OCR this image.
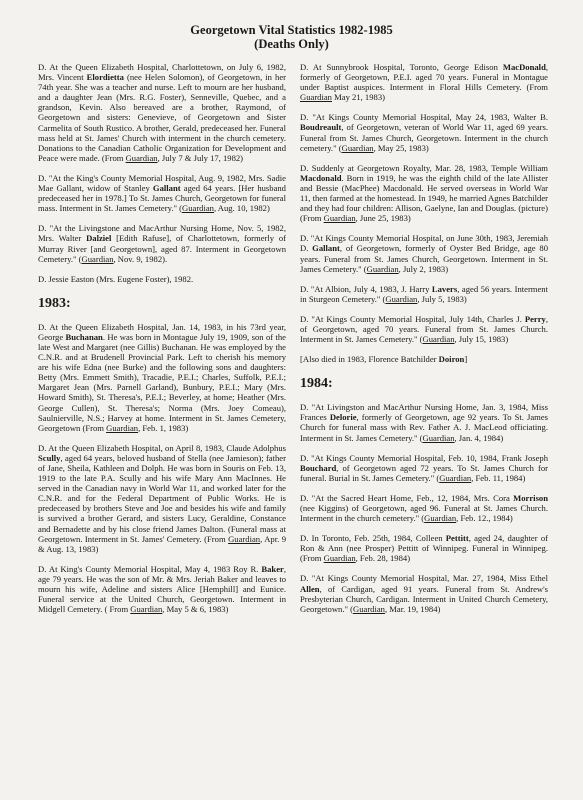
Georgetown Vital Statistics 1982-1985
(Deaths Only)

D. At the Queen Elizabeth Hospital, Charlottetown, on July 6, 1982, Mrs. Vincent Elordietta (nee Helen Solomon), of Georgetown, in her 74th year. She was a teacher and nurse. Left to mourn are her husband, and a daughter Jean (Mrs. R.G. Foster), Senneville, Quebec, and a grandson, Kevin. Also bereaved are a brother, Raymond, of Georgetown and sisters: Genevieve, of Georgetown and Sister Carmelita of South Rustico. A brother, Gerald, predeceased her. Funeral mass held at St. James' Church with interment in the church cemetery. Donations to the Canadian Catholic Organization for Development and Peace were made. (From Guardian, July 7 & July 17, 1982)

D. "At the King's County Memorial Hospital, Aug. 9, 1982, Mrs. Sadie Mae Gallant, widow of Stanley Gallant aged 64 years. [Her husband predeceased her in 1978.] To St. James Church, Georgetown for funeral mass. Interment in St. James Cemetery." (Guardian, Aug. 10, 1982)

D. "At the Livingstone and MacArthur Nursing Home, Nov. 5, 1982, Mrs. Walter Dalziel [Edith Rafuse], of Charlottetown, formerly of Murray River [and Georgetown], aged 87. Interment in Georgetown Cemetery." (Guardian, Nov. 9, 1982).

D. Jessie Easton (Mrs. Eugene Foster), 1982.

1983:

D. At the Queen Elizabeth Hospital, Jan. 14, 1983, in his 73rd year, George Buchanan. He was born in Montague July 19, 1909, son of the late West and Margaret (nee Gillis) Buchanan. He was employed by the C.N.R. and at Brudenell Provincial Park. Left to cherish his memory are his wife Edna (nee Burke) and the following sons and daughters: Betty (Mrs. Emmett Smith), Tracadie, P.E.I.; Charles, Suffolk, P.E.I.; Margaret Jean (Mrs. Parnell Garland), Bunbury, P.E.I.; Mary (Mrs. Howard Smith), St. Theresa's, P.E.I.; Beverley, at home; Heather (Mrs. George Cullen), St. Theresa's; Norma (Mrs. Joey Comeau), Saulnierville, N.S.; Harvey at home. Interment in St. James Cemetery, Georgetown (From Guardian, Feb. 1, 1983)

D. At the Queen Elizabeth Hospital, on April 8, 1983, Claude Adolphus Scully, aged 64 years, beloved husband of Stella (nee Jamieson); father of Jane, Sheila, Kathleen and Dolph. He was born in Souris on Feb. 13, 1919 to the late P.A. Scully and his wife Mary Ann MacInnes. He served in the Canadian navy in World War 11, and worked later for the C.N.R. and for the Federal Department of Public Works. He is predeceased by brothers Steve and Joe and besides his wife and family is survived a brother Gerard, and sisters Lucy, Geraldine, Constance and Bernadette and by his close friend James Dalton. (Funeral mass at Georgetown. Interment in St. James' Cemetery. (From Guardian, Apr. 9 & Aug. 13, 1983)

D. At King's County Memorial Hospital, May 4, 1983 Roy R. Baker, age 79 years. He was the son of Mr. & Mrs. Jeriah Baker and leaves to mourn his wife, Adeline and sisters Alice [Hemphill] and Eunice. Funeral service at the United Church, Georgetown. Interment in Midgell Cemetery. ( From Guardian, May 5 & 6, 1983)

D. At Sunnybrook Hospital, Toronto, George Edison MacDonald, formerly of Georgetown, P.E.I. aged 70 years. Funeral in Montague under Baptist auspices. Interment in Floral Hills Cemetery. (From Guardian May 21, 1983)

D. "At Kings County Memorial Hospital, May 24, 1983, Walter B. Boudreault, of Georgetown, veteran of World War 11, aged 69 years. Funeral from St. James Church, Georgetown. Interment in the church cemetery." (Guardian, May 25, 1983)

D. Suddenly at Georgetown Royalty, Mar. 28, 1983, Temple William Macdonald. Born in 1919, he was the eighth child of the late Allister and Bessie (MacPhee) Macdonald. He served overseas in World War 11, then farmed at the homestead. In 1949, he married Agnes Batchilder and they had four children: Allison, Gaelyne, Ian and Douglas. (picture) (From Guardian, June 25, 1983)

D. "At Kings County Memorial Hospital, on June 30th, 1983, Jeremiah D. Gallant, of Georgetown, formerly of Oyster Bed Bridge, age 80 years. Funeral from St. James Church, Georgetown. Interment in St. James Cemetery." (Guardian, July 2, 1983)

D. "At Albion, July 4, 1983, J. Harry Lavers, aged 56 years. Interment in Sturgeon Cemetery." (Guardian, July 5, 1983)

D. "At Kings County Memorial Hospital, July 14th, Charles J. Perry, of Georgetown, aged 70 years. Funeral from St. James Church. Interment in St. James Cemetery." (Guardian, July 15, 1983)

[Also died in 1983, Florence Batchilder Doiron]

1984:

D. "At Livingston and MacArthur Nursing Home, Jan. 3, 1984, Miss Frances Delorie, formerly of Georgetown, age 92 years. To St. James Church for funeral mass with Rev. Father A. J. MacLeod officiating. Interment in St. James Cemetery." (Guardian, Jan. 4, 1984)

D. "At Kings County Memorial Hospital, Feb. 10, 1984, Frank Joseph Bouchard, of Georgetown aged 72 years. To St. James Church for funeral. Burial in St. James Cemetery." (Guardian, Feb. 11, 1984)

D. "At the Sacred Heart Home, Feb., 12, 1984, Mrs. Cora Morrison (nee Kiggins) of Georgetown, aged 96. Funeral at St. James Church. Interment in the church cemetery." (Guardian, Feb. 12., 1984)

D. In Toronto, Feb. 25th, 1984, Colleen Pettitt, aged 24, daughter of Ron & Ann (nee Prosper) Pettitt of Winnipeg. Funeral in Winnipeg. (From Guardian, Feb. 28, 1984)

D. "At Kings County Memorial Hospital, Mar. 27, 1984, Miss Ethel Allen, of Cardigan, aged 91 years. Funeral from St. Andrew's Presbyterian Church, Cardigan. Interment in United Church Cemetery, Georgetown." (Guardian, Mar. 19, 1984)
